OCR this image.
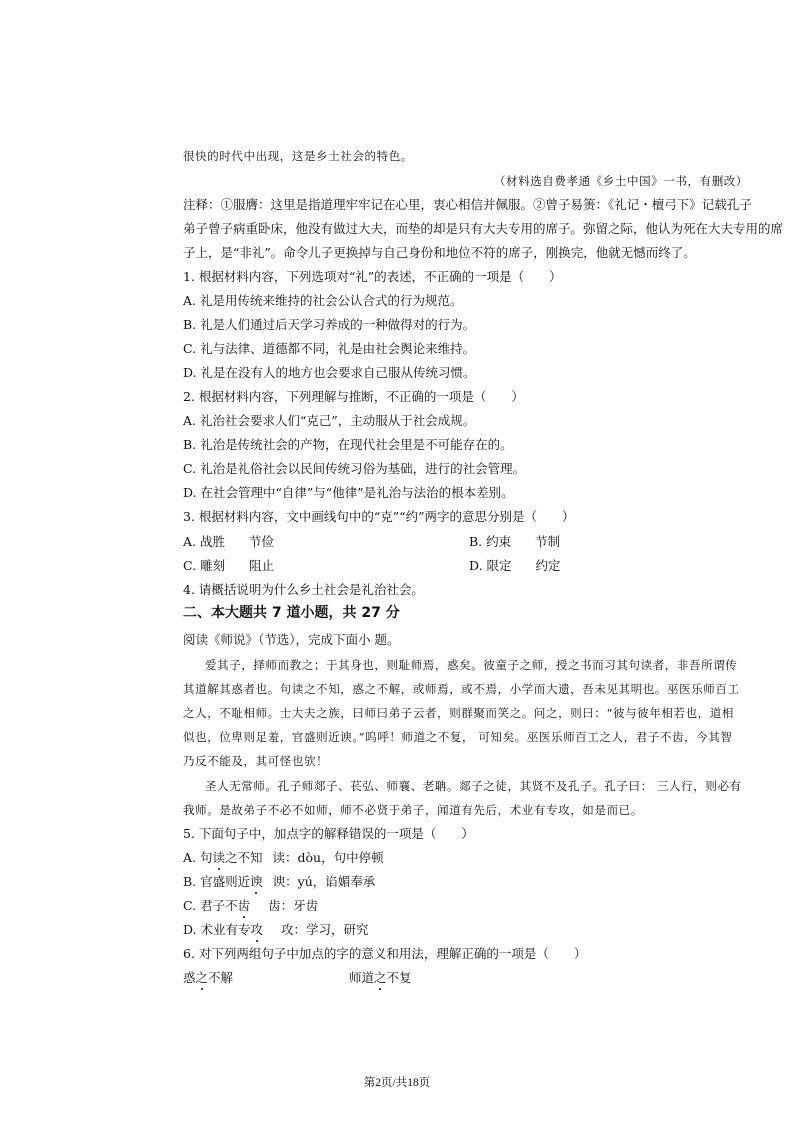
很快的时代中出现，这是乡土社会的特色。
（材料选自费孝通《乡土中国》一书，有删改）
注释：①服膺：这里是指道理牢牢记在心里，衷心相信并佩服。②曾子易箦：《礼记・檀弓下》记载孔子
弟子曾子病重卧床，他没有做过大夫，而垫的却是只有大夫专用的席子。弥留之际，他认为死在大夫专用的席
子上，是“非礼”。命令儿子更换掉与自己身份和地位不符的席子，刚换完，他就无憾而终了。
1. 根据材料内容，下列选项对“礼”的表述，不正确的一项是（　　）
A. 礼是用传统来维持的社会公认合式的行为规范。
B. 礼是人们通过后天学习养成的一种做得对的行为。
C. 礼与法律、道德都不同，礼是由社会舆论来维持。
D. 礼是在没有人的地方也会要求自己服从传统习惯。
2. 根据材料内容，下列理解与推断，不正确的一项是（　　）
A. 礼治社会要求人们“克己”，主动服从于社会成规。
B. 礼治是传统社会的产物，在现代社会里是不可能存在的。
C. 礼治是礼俗社会以民间传统习俗为基础，进行的社会管理。
D. 在社会管理中“自律”与“他律”是礼治与法治的根本差别。
3. 根据材料内容，文中画线句中的“克”“约”两字的意思分别是（　　）
A. 战胜 节俭	B. 约束 节制
C. 雕刻 阻止	D. 限定 约定
4. 请概括说明为什么乡土社会是礼治社会。
二、本大题共 7 道小题，共 27 分
阅读《师说》（节选），完成下面小 题。
爱其子，择师而教之；于其身也，则耻师焉，惑矣。彼童子之师，授之书而习其句读者，非吾所谓传
其道解其惑者也。句读之不知，惑之不解，或师焉，或不焉，小学而大遗，吾未见其明也。巫医乐师百工
之人，不耻相师。士大夫之族，曰师曰弟子云者，则群聚而笑之。问之，则曰：“彼与彼年相若也，道相
似也，位卑则足羞，官盛则近谀。”呜呼！师道之不复， 可知矣。巫医乐师百工之人，君子不齿，今其智
乃反不能及，其可怪也欤！
圣人无常师。孔子师郯子、苌弘、师襄、老聃。郯子之徒，其贤不及孔子。孔子曰： 三人行，则必有
我师。是故弟子不必不如师，师不必贤于弟子，闻道有先后，术业有专攻，如是而已。
5. 下面句子中，加点字的解释错误的一项是（　　）
A. 句读之不知 读：dòu，句中停顿
B. 官盛则近谀 谀：yú，谄媚奉承
C. 君子不齿 齿：牙齿
D. 术业有专攻 攻：学习，研究
6. 对下列两组句子中加点的字的意义和用法，理解正确的一项是（　　）
惑之不解	师道之不复
第2页/共18页
